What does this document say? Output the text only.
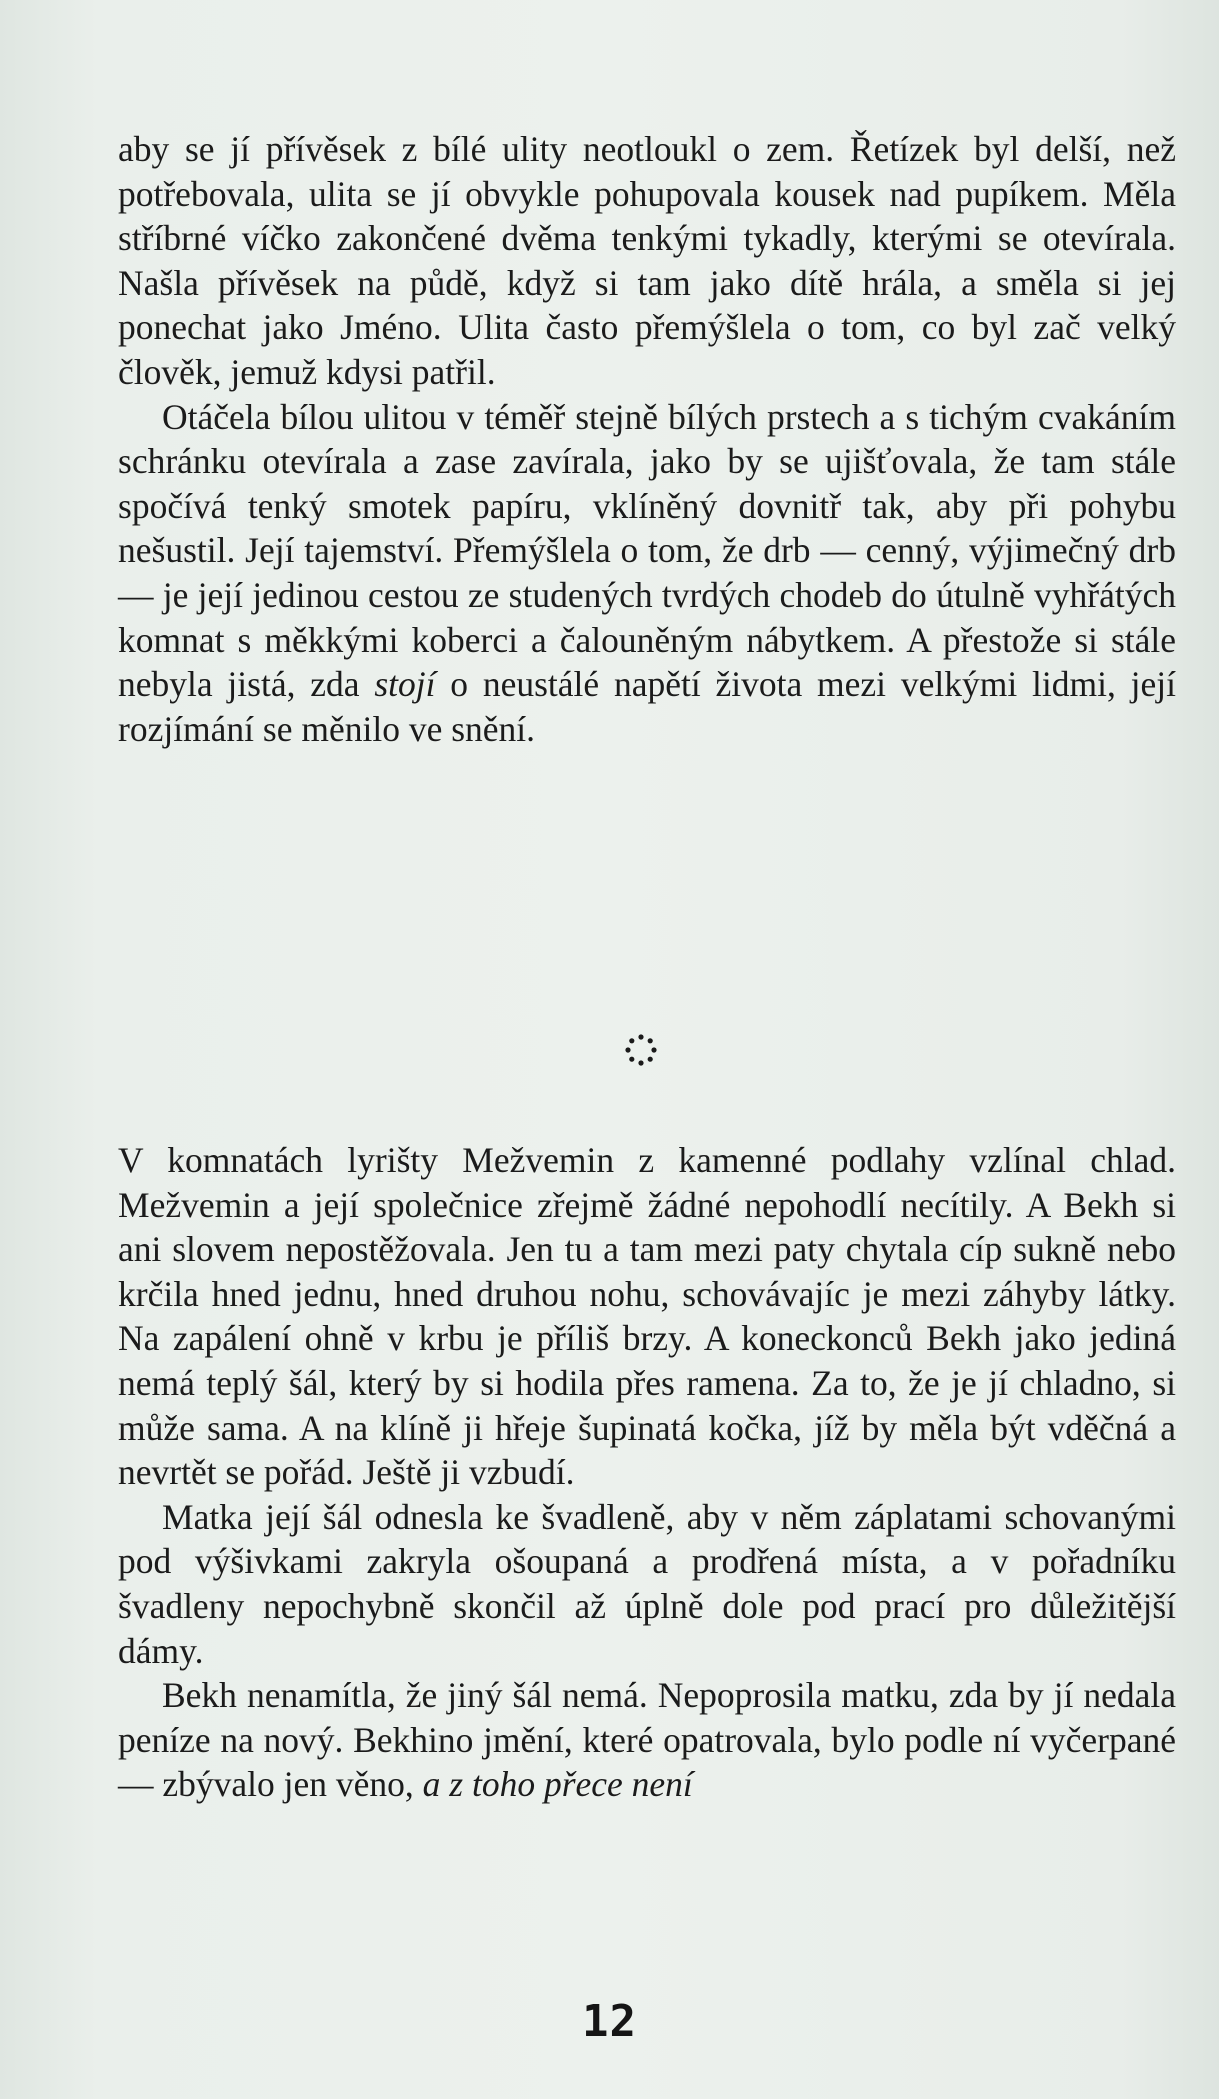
aby se jí přívěsek z bílé ulity neotloukl o zem. Řetízek byl delší, než potřebovala, ulita se jí obvykle pohupovala kousek nad pupíkem. Měla stříbrné víčko zakončené dvěma tenkými tykadly, kterými se otevírala. Našla přívěsek na půdě, když si tam jako dítě hrála, a směla si jej ponechat jako Jméno. Ulita často přemýšlela o tom, co byl zač velký člověk, jemuž kdysi patřil.

Otáčela bílou ulitou v téměř stejně bílých prstech a s tichým cvakáním schránku otevírala a zase zavírala, jako by se ujišťovala, že tam stále spočívá tenký smotek papíru, vklíněný dovnitř tak, aby při pohybu nešustil. Její tajemství. Přemýšlela o tom, že drb — cenný, výjimečný drb — je její jedinou cestou ze studených tvrdých chodeb do útulně vyhřátých komnat s měkkými koberci a čalouněným nábytkem. A přestože si stále nebyla jistá, zda stojí o neustálé napětí života mezi velkými lidmi, její rozjímání se měnilo ve snění.

V komnatách lyrišty Mežvemin z kamenné podlahy vzlínal chlad. Mežvemin a její společnice zřejmě žádné nepohodlí necítily. A Bekh si ani slovem nepostěžovala. Jen tu a tam mezi paty chytala cíp sukně nebo krčila hned jednu, hned druhou nohu, schovávajíc je mezi záhyby látky. Na zapálení ohně v krbu je příliš brzy. A koneckonců Bekh jako jediná nemá teplý šál, který by si hodila přes ramena. Za to, že je jí chladno, si může sama. A na klíně ji hřeje šupinatá kočka, jíž by měla být vděčná a nevrtět se pořád. Ještě ji vzbudí.

Matka její šál odnesla ke švadleně, aby v něm záplatami schovanými pod výšivkami zakryla ošoupaná a prodřená místa, a v pořadníku švadleny nepochybně skončil až úplně dole pod prací pro důležitější dámy.

Bekh nenamítla, že jiný šál nemá. Nepoprosila matku, zda by jí nedala peníze na nový. Bekhino jmění, které opatrovala, bylo podle ní vyčerpané — zbývalo jen věno, a z toho přece není

12
